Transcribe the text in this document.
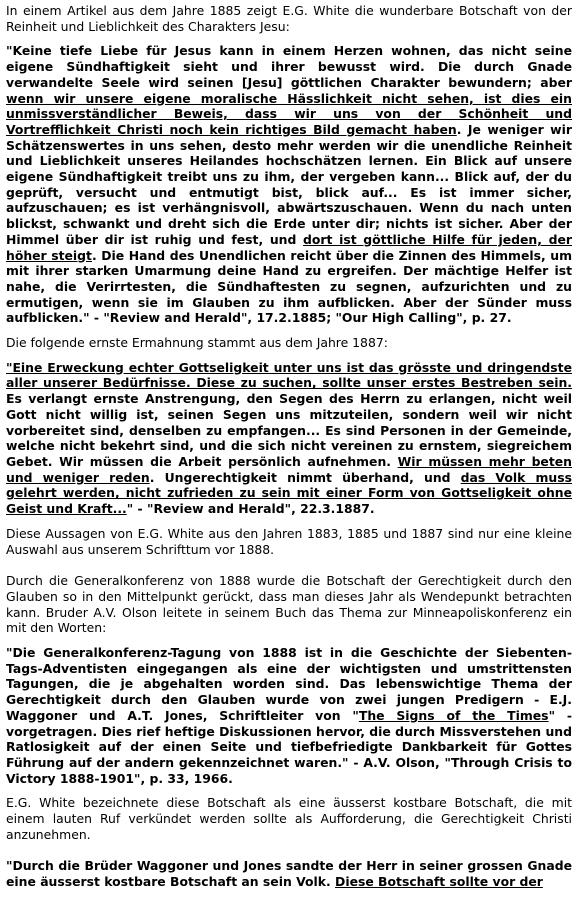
In einem Artikel aus dem Jahre 1885 zeigt E.G. White die wunderbare Botschaft von der Reinheit und Lieblichkeit des Charakters Jesu:

"Keine tiefe Liebe für Jesus kann in einem Herzen wohnen, das nicht seine eigene Sündhaftigkeit sieht und ihrer bewusst wird. Die durch Gnade verwandelte Seele wird seinen [Jesu] göttlichen Charakter bewundern; aber wenn wir unsere eigene moralische Hässlichkeit nicht sehen, ist dies ein unmissverständlicher Beweis, dass wir uns von der Schönheit und Vortrefflichkeit Christi noch kein richtiges Bild gemacht haben. Je weniger wir Schätzenswertes in uns sehen, desto mehr werden wir die unendliche Reinheit und Lieblichkeit unseres Heilandes hochschätzen lernen. Ein Blick auf unsere eigene Sündhaftigkeit treibt uns zu ihm, der vergeben kann... Blick auf, der du geprüft, versucht und entmutigt bist, blick auf... Es ist immer sicher, aufzuschauen; es ist verhängnisvoll, abwärtszuschauen. Wenn du nach unten blickst, schwankt und dreht sich die Erde unter dir; nichts ist sicher. Aber der Himmel über dir ist ruhig und fest, und dort ist göttliche Hilfe für jeden, der höher steigt. Die Hand des Unendlichen reicht über die Zinnen des Himmels, um mit ihrer starken Umarmung deine Hand zu ergreifen. Der mächtige Helfer ist nahe, die Verirrtesten, die Sündhaftesten zu segnen, aufzurichten und zu ermutigen, wenn sie im Glauben zu ihm aufblicken. Aber der Sünder muss aufblicken." - "Review and Herald", 17.2.1885; "Our High Calling", p. 27.

Die folgende ernste Ermahnung stammt aus dem Jahre 1887:

"Eine Erweckung echter Gottseligkeit unter uns ist das grösste und dringendste aller unserer Bedürfnisse. Diese zu suchen, sollte unser erstes Bestreben sein. Es verlangt ernste Anstrengung, den Segen des Herrn zu erlangen, nicht weil Gott nicht willig ist, seinen Segen uns mitzuteilen, sondern weil wir nicht vorbereitet sind, denselben zu empfangen... Es sind Personen in der Gemeinde, welche nicht bekehrt sind, und die sich nicht vereinen zu ernstem, siegreichem Gebet. Wir müssen die Arbeit persönlich aufnehmen. Wir müssen mehr beten und weniger reden. Ungerechtigkeit nimmt überhand, und das Volk muss gelehrt werden, nicht zufrieden zu sein mit einer Form von Gottseligkeit ohne Geist und Kraft..." - "Review and Herald", 22.3.1887.

Diese Aussagen von E.G. White aus den Jahren 1883, 1885 und 1887 sind nur eine kleine Auswahl aus unserem Schrifttum vor 1888.

Durch die Generalkonferenz von 1888 wurde die Botschaft der Gerechtigkeit durch den Glauben so in den Mittelpunkt gerückt, dass man dieses Jahr als Wendepunkt betrachten kann. Bruder A.V. Olson leitete in seinem Buch das Thema zur Minneapoliskonferenz ein mit den Worten:

"Die Generalkonferenz-Tagung von 1888 ist in die Geschichte der Siebenten-Tags-Adventisten eingegangen als eine der wichtigsten und umstrittensten Tagungen, die je abgehalten worden sind. Das lebenswichtige Thema der Gerechtigkeit durch den Glauben wurde von zwei jungen Predigern - E.J. Waggoner und A.T. Jones, Schriftleiter von "The Signs of the Times" - vorgetragen. Dies rief heftige Diskussionen hervor, die durch Missverstehen und Ratlosigkeit auf der einen Seite und tiefbefriedigte Dankbarkeit für Gottes Führung auf der andern gekennzeichnet waren." - A.V. Olson, "Through Crisis to Victory 1888-1901", p. 33, 1966.

E.G. White bezeichnete diese Botschaft als eine äusserst kostbare Botschaft, die mit einem lauten Ruf verkündet werden sollte als Aufforderung, die Gerechtigkeit Christi anzunehmen.

"Durch die Brüder Waggoner und Jones sandte der Herr in seiner grossen Gnade eine äusserst kostbare Botschaft an sein Volk. Diese Botschaft sollte vor der
